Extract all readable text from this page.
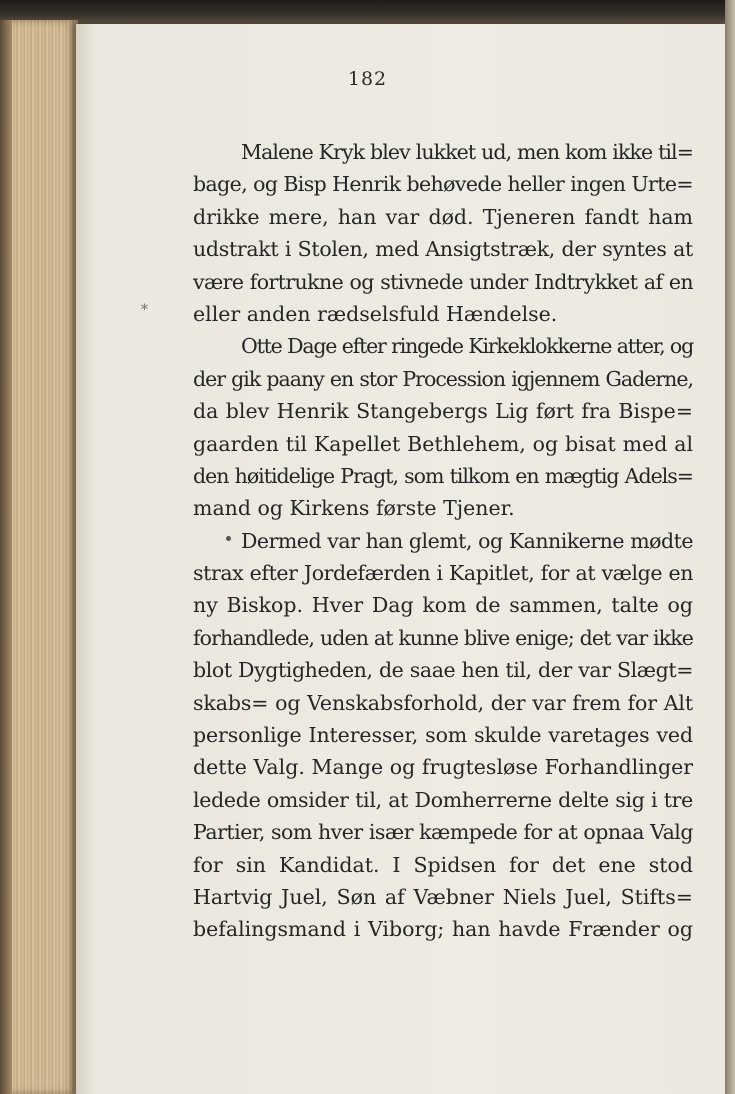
182
*
Malene Kryk blev lukket ud, men kom ikke til=
bage, og Bisp Henrik behøvede heller ingen Urte=
drikke mere, han var død. Tjeneren fandt ham
udstrakt i Stolen, med Ansigtstræk, der syntes at
være fortrukne og stivnede under Indtrykket af en
eller anden rædselsfuld Hændelse.
Otte Dage efter ringede Kirkeklokkerne atter, og
der gik paany en stor Procession igjennem Gaderne,
da blev Henrik Stangebergs Lig ført fra Bispe=
gaarden til Kapellet Bethlehem, og bisat med al
den høitidelige Pragt, som tilkom en mægtig Adels=
mand og Kirkens første Tjener.
Dermed var han glemt, og Kannikerne mødte
strax efter Jordefærden i Kapitlet, for at vælge en
ny Biskop. Hver Dag kom de sammen, talte og
forhandlede, uden at kunne blive enige; det var ikke
blot Dygtigheden, de saae hen til, der var Slægt=
skabs= og Venskabsforhold, der var frem for Alt
personlige Interesser, som skulde varetages ved
dette Valg. Mange og frugtesløse Forhandlinger
ledede omsider til, at Domherrerne delte sig i tre
Partier, som hver især kæmpede for at opnaa Valg
for sin Kandidat. I Spidsen for det ene stod
Hartvig Juel, Søn af Væbner Niels Juel, Stifts=
befalingsmand i Viborg; han havde Frænder og
